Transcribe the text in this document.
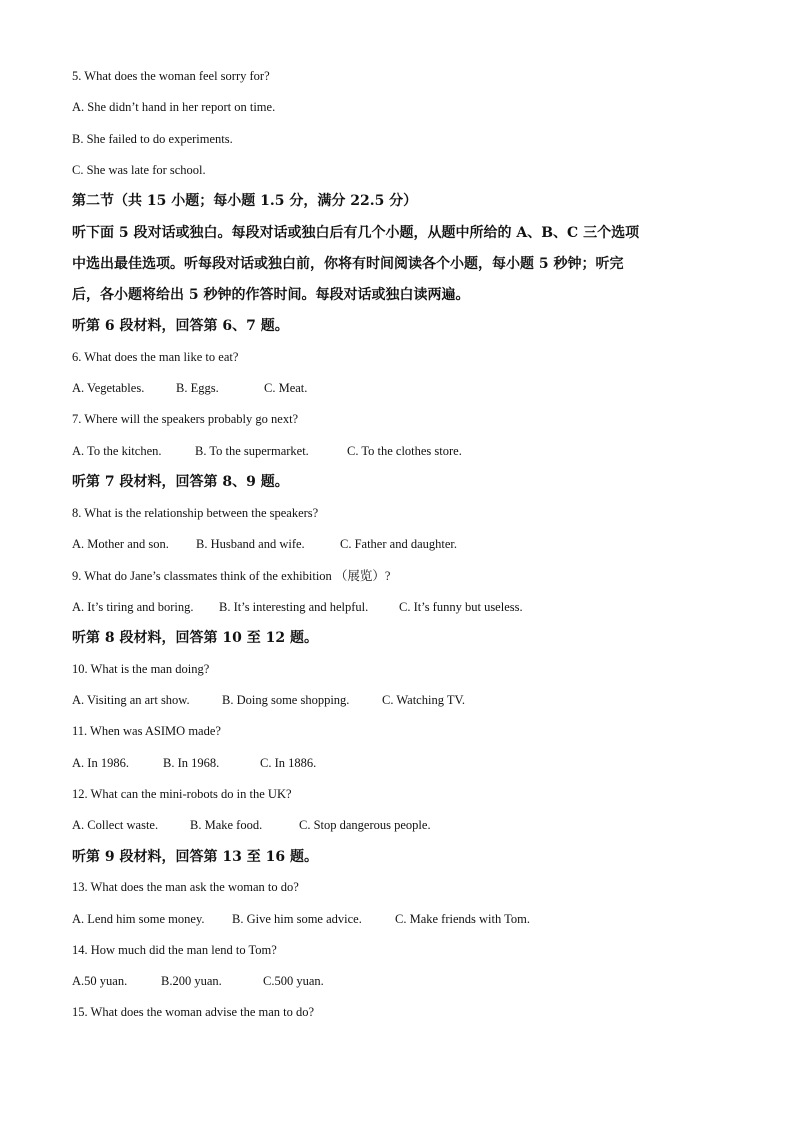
5. What does the woman feel sorry for?
A. She didn’t hand in her report on time.
B. She failed to do experiments.
C. She was late for school.
第二节（共 15 小题；每小题 1.5 分，满分 22.5 分）
听下面 5 段对话或独白。每段对话或独白后有几个小题，从题中所给的 A、B、C 三个选项
中选出最佳选项。听每段对话或独白前，你将有时间阅读各个小题，每小题 5 秒钟；听完
后，各小题将给出 5 秒钟的作答时间。每段对话或独白读两遍。
听第 6 段材料，回答第 6、7 题。
6. What does the man like to eat?
A. Vegetables.	B. Eggs.	C. Meat.
7. Where will the speakers probably go next?
A. To the kitchen.	B. To the supermarket.	C. To the clothes store.
听第 7 段材料，回答第 8、9 题。
8. What is the relationship between the speakers?
A. Mother and son. B. Husband and wife.	C. Father and daughter.
9. What do Jane’s classmates think of the exhibition （展览）?
A. It’s tiring and boring. B. It’s interesting and helpful. C. It’s funny but useless.
听第 8 段材料，回答第 10 至 12 题。
10. What is the man doing?
A. Visiting an art show.	B. Doing some shopping.	C. Watching TV.
11. When was ASIMO made?
A. In 1986.	B. In 1968.	C. In 1886.
12. What can the mini-robots do in the UK?
A. Collect waste.	B. Make food.	C. Stop dangerous people.
听第 9 段材料，回答第 13 至 16 题。
13. What does the man ask the woman to do?
A. Lend him some money. B. Give him some advice.	C. Make friends with Tom.
14. How much did the man lend to Tom?
A.50 yuan.	B.200 yuan.	C.500 yuan.
15. What does the woman advise the man to do?
